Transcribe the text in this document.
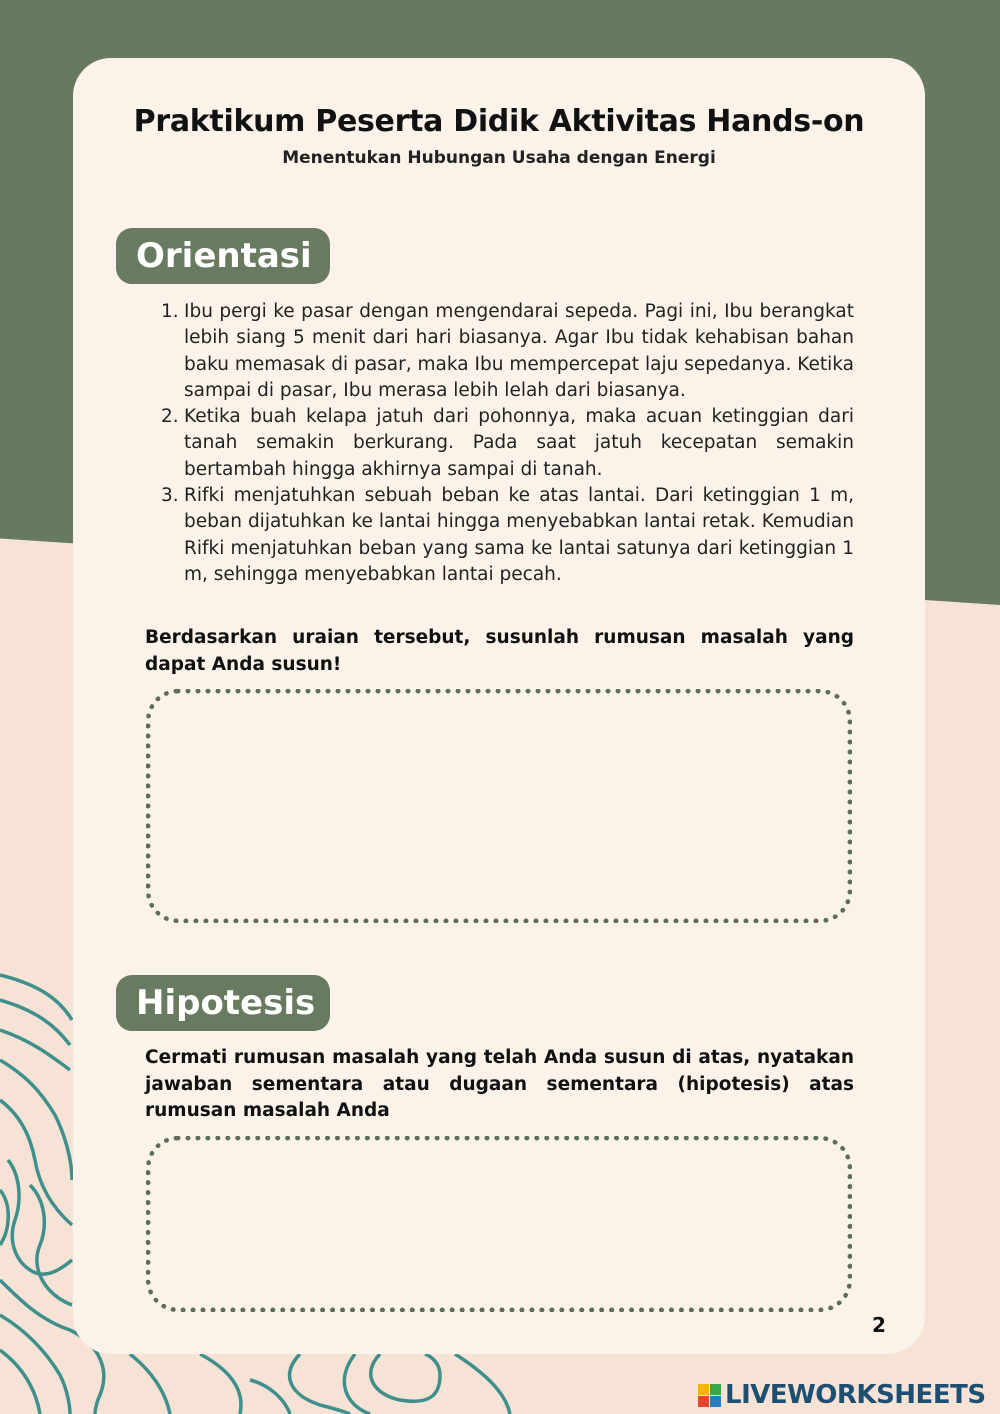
Praktikum Peserta Didik Aktivitas Hands-on
Menentukan Hubungan Usaha dengan Energi
Orientasi
1. Ibu pergi ke pasar dengan mengendarai sepeda. Pagi ini, Ibu berangkat lebih siang 5 menit dari hari biasanya. Agar Ibu tidak kehabisan bahan baku memasak di pasar, maka Ibu mempercepat laju sepedanya. Ketika sampai di pasar, Ibu merasa lebih lelah dari biasanya.
2. Ketika buah kelapa jatuh dari pohonnya, maka acuan ketinggian dari tanah semakin berkurang. Pada saat jatuh kecepatan semakin bertambah hingga akhirnya sampai di tanah.
3. Rifki menjatuhkan sebuah beban ke atas lantai. Dari ketinggian 1 m, beban dijatuhkan ke lantai hingga menyebabkan lantai retak. Kemudian Rifki menjatuhkan beban yang sama ke lantai satunya dari ketinggian 1 m, sehingga menyebabkan lantai pecah.
Berdasarkan uraian tersebut, susunlah rumusan masalah yang dapat Anda susun!
Hipotesis
Cermati rumusan masalah yang telah Anda susun di atas, nyatakan jawaban sementara atau dugaan sementara (hipotesis) atas rumusan masalah Anda
2
LIVEWORKSHEETS
